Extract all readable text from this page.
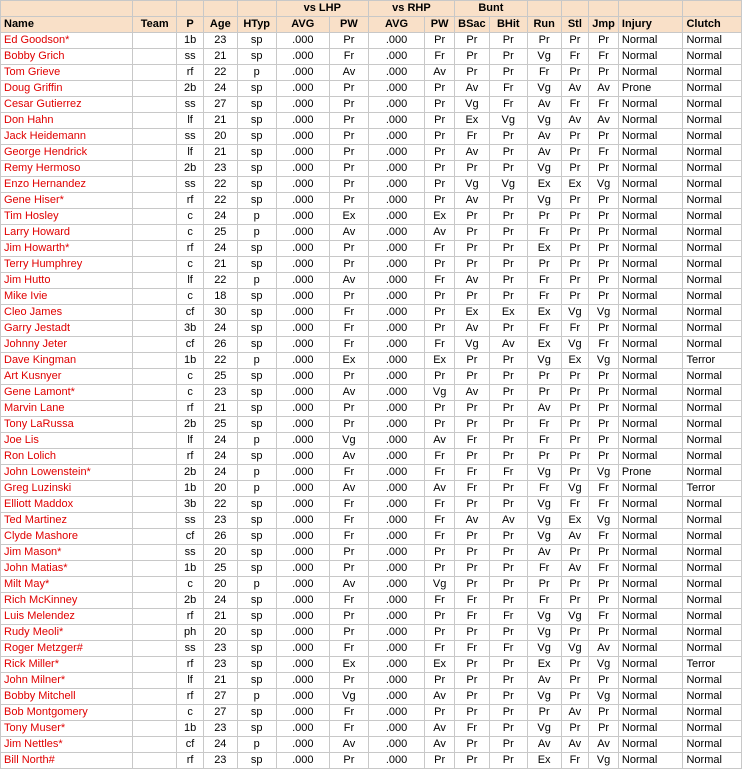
					vs LHP		vs RHP		Bunt						
Name	Team	P	Age	HTyp	AVG	PW	AVG	PW	BSac	BHit	Run	Stl	Jmp	Injury	Clutch
Ed Goodson*		1b	23	sp	.000	Pr	.000	Pr	Pr	Pr	Pr	Pr	Pr	Normal	Normal
Bobby Grich		ss	21	sp	.000	Fr	.000	Fr	Pr	Pr	Vg	Fr	Fr	Normal	Normal
Tom Grieve		rf	22	p	.000	Av	.000	Av	Pr	Pr	Fr	Pr	Pr	Normal	Normal
Doug Griffin		2b	24	sp	.000	Pr	.000	Pr	Av	Fr	Vg	Av	Av	Prone	Normal
Cesar Gutierrez		ss	27	sp	.000	Pr	.000	Pr	Vg	Fr	Av	Fr	Fr	Normal	Normal
Don Hahn		lf	21	sp	.000	Pr	.000	Pr	Ex	Vg	Vg	Av	Av	Normal	Normal
Jack Heidemann		ss	20	sp	.000	Pr	.000	Pr	Fr	Pr	Av	Pr	Pr	Normal	Normal
George Hendrick		lf	21	sp	.000	Pr	.000	Pr	Av	Pr	Av	Pr	Fr	Normal	Normal
Remy Hermoso		2b	23	sp	.000	Pr	.000	Pr	Pr	Pr	Vg	Pr	Pr	Normal	Normal
Enzo Hernandez		ss	22	sp	.000	Pr	.000	Pr	Vg	Vg	Ex	Ex	Vg	Normal	Normal
Gene Hiser*		rf	22	sp	.000	Pr	.000	Pr	Av	Pr	Vg	Pr	Pr	Normal	Normal
Tim Hosley		c	24	p	.000	Ex	.000	Ex	Pr	Pr	Pr	Pr	Pr	Normal	Normal
Larry Howard		c	25	p	.000	Av	.000	Av	Pr	Pr	Fr	Pr	Pr	Normal	Normal
Jim Howarth*		rf	24	sp	.000	Pr	.000	Fr	Pr	Pr	Ex	Pr	Pr	Normal	Normal
Terry Humphrey		c	21	sp	.000	Pr	.000	Pr	Pr	Pr	Pr	Pr	Pr	Normal	Normal
Jim Hutto		lf	22	p	.000	Av	.000	Fr	Av	Pr	Fr	Pr	Pr	Normal	Normal
Mike Ivie		c	18	sp	.000	Pr	.000	Pr	Pr	Pr	Fr	Pr	Pr	Normal	Normal
Cleo James		cf	30	sp	.000	Fr	.000	Pr	Ex	Ex	Ex	Vg	Vg	Normal	Normal
Garry Jestadt		3b	24	sp	.000	Fr	.000	Pr	Av	Pr	Fr	Fr	Pr	Normal	Normal
Johnny Jeter		cf	26	sp	.000	Fr	.000	Fr	Vg	Av	Ex	Vg	Fr	Normal	Normal
Dave Kingman		1b	22	p	.000	Ex	.000	Ex	Pr	Pr	Vg	Ex	Vg	Normal	Terror
Art Kusnyer		c	25	sp	.000	Pr	.000	Pr	Pr	Pr	Pr	Pr	Pr	Normal	Normal
Gene Lamont*		c	23	sp	.000	Av	.000	Vg	Av	Pr	Pr	Pr	Pr	Normal	Normal
Marvin Lane		rf	21	sp	.000	Pr	.000	Pr	Pr	Pr	Av	Pr	Pr	Normal	Normal
Tony LaRussa		2b	25	sp	.000	Pr	.000	Pr	Pr	Pr	Fr	Pr	Pr	Normal	Normal
Joe Lis		lf	24	p	.000	Vg	.000	Av	Fr	Pr	Fr	Pr	Pr	Normal	Normal
Ron Lolich		rf	24	sp	.000	Av	.000	Fr	Pr	Pr	Pr	Pr	Pr	Normal	Normal
John Lowenstein*		2b	24	p	.000	Fr	.000	Fr	Fr	Fr	Vg	Pr	Vg	Prone	Normal
Greg Luzinski		1b	20	p	.000	Av	.000	Av	Fr	Pr	Fr	Vg	Fr	Normal	Terror
Elliott Maddox		3b	22	sp	.000	Fr	.000	Fr	Pr	Pr	Vg	Fr	Fr	Normal	Normal
Ted Martinez		ss	23	sp	.000	Fr	.000	Fr	Av	Av	Vg	Ex	Vg	Normal	Normal
Clyde Mashore		cf	26	sp	.000	Fr	.000	Fr	Pr	Pr	Vg	Av	Fr	Normal	Normal
Jim Mason*		ss	20	sp	.000	Pr	.000	Pr	Pr	Pr	Av	Pr	Pr	Normal	Normal
John Matias*		1b	25	sp	.000	Pr	.000	Pr	Pr	Pr	Fr	Av	Fr	Normal	Normal
Milt May*		c	20	p	.000	Av	.000	Vg	Pr	Pr	Pr	Pr	Pr	Normal	Normal
Rich McKinney		2b	24	sp	.000	Fr	.000	Fr	Fr	Pr	Fr	Pr	Pr	Normal	Normal
Luis Melendez		rf	21	sp	.000	Pr	.000	Pr	Fr	Fr	Vg	Vg	Fr	Normal	Normal
Rudy Meoli*		ph	20	sp	.000	Pr	.000	Pr	Pr	Pr	Vg	Pr	Pr	Normal	Normal
Roger Metzger#		ss	23	sp	.000	Fr	.000	Fr	Fr	Fr	Vg	Vg	Av	Normal	Normal
Rick Miller*		rf	23	sp	.000	Ex	.000	Ex	Pr	Pr	Ex	Pr	Vg	Normal	Terror
John Milner*		lf	21	sp	.000	Pr	.000	Pr	Pr	Pr	Av	Pr	Pr	Normal	Normal
Bobby Mitchell		rf	27	p	.000	Vg	.000	Av	Pr	Pr	Vg	Pr	Vg	Normal	Normal
Bob Montgomery		c	27	sp	.000	Fr	.000	Pr	Pr	Pr	Pr	Av	Pr	Normal	Normal
Tony Muser*		1b	23	sp	.000	Fr	.000	Av	Fr	Pr	Vg	Pr	Pr	Normal	Normal
Jim Nettles*		cf	24	p	.000	Av	.000	Av	Pr	Pr	Av	Av	Av	Normal	Normal
Bill North#		rf	23	sp	.000	Pr	.000	Pr	Pr	Pr	Ex	Fr	Vg	Normal	Normal
